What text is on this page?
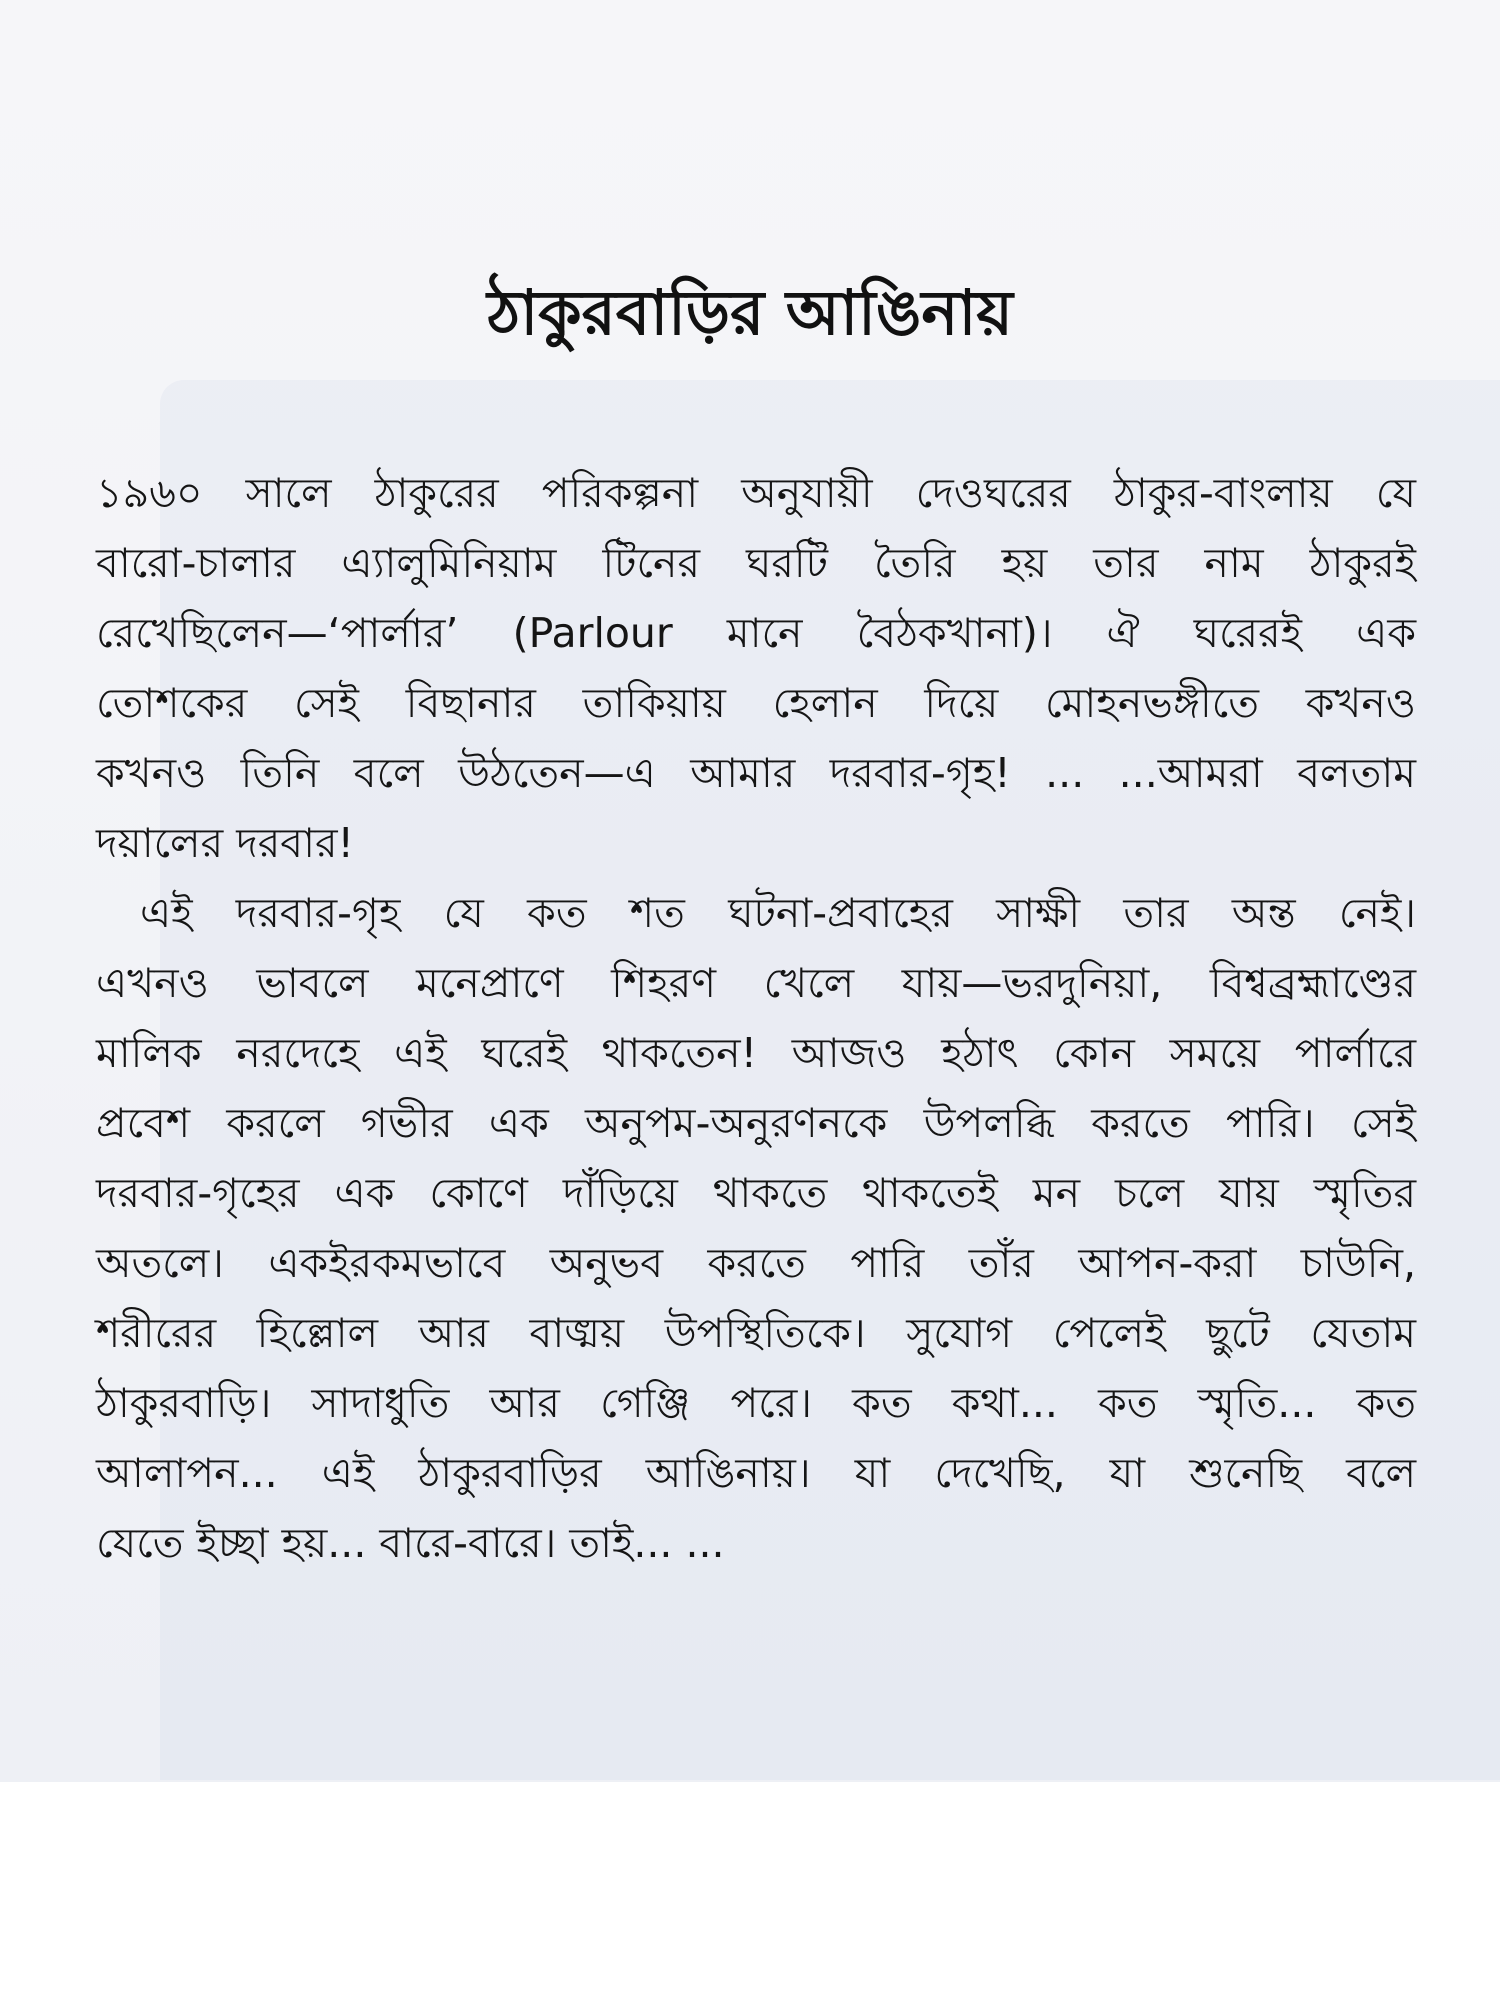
ঠাকুরবাড়ির আঙিনায়

১৯৬০ সালে ঠাকুরের পরিকল্পনা অনুযায়ী দেওঘরের ঠাকুর-বাংলায় যে

বারো-চালার এ্যালুমিনিয়াম টিনের ঘরটি তৈরি হয় তার নাম ঠাকুরই

রেখেছিলেন—‘পার্লার’ (Parlour মানে বৈঠকখানা)। ঐ ঘরেরই এক

তোশকের সেই বিছানার তাকিয়ায় হেলান দিয়ে মোহনভঙ্গীতে কখনও

কখনও তিনি বলে উঠতেন—এ আমার দরবার-গৃহ! ... ...আমরা বলতাম

দয়ালের দরবার!

এই দরবার-গৃহ যে কত শত ঘটনা-প্রবাহের সাক্ষী তার অন্ত নেই।

এখনও ভাবলে মনেপ্রাণে শিহরণ খেলে যায়—ভরদুনিয়া, বিশ্বব্রহ্মাণ্ডের

মালিক নরদেহে এই ঘরেই থাকতেন! আজও হঠাৎ কোন সময়ে পার্লারে

প্রবেশ করলে গভীর এক অনুপম-অনুরণনকে উপলব্ধি করতে পারি। সেই

দরবার-গৃহের এক কোণে দাঁড়িয়ে থাকতে থাকতেই মন চলে যায় স্মৃতির

অতলে। একইরকমভাবে অনুভব করতে পারি তাঁর আপন-করা চাউনি,

শরীরের হিল্লোল আর বাঙ্ময় উপস্থিতিকে। সুযোগ পেলেই ছুটে যেতাম

ঠাকুরবাড়ি। সাদাধুতি আর গেঞ্জি পরে। কত কথা... কত স্মৃতি... কত

আলাপন... এই ঠাকুরবাড়ির আঙিনায়। যা দেখেছি, যা শুনেছি বলে

যেতে ইচ্ছা হয়... বারে-বারে। তাই... ...
